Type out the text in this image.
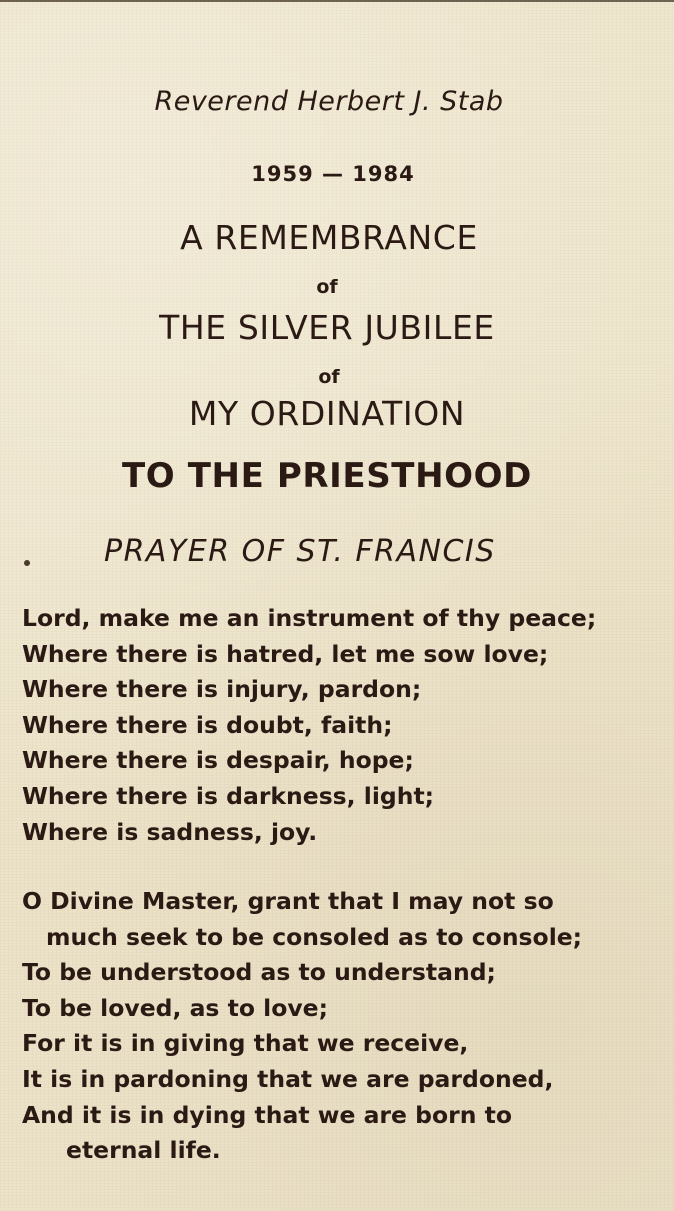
Reverend Herbert J. Stab
1959 — 1984
A REMEMBRANCE
of
THE SILVER JUBILEE
of
MY ORDINATION
TO THE PRIESTHOOD
PRAYER OF ST. FRANCIS
Lord, make me an instrument of thy peace;
Where there is hatred, let me sow love;
Where there is injury, pardon;
Where there is doubt, faith;
Where there is despair, hope;
Where there is darkness, light;
Where is sadness, joy.
O Divine Master, grant that I may not so
much seek to be consoled as to console;
To be understood as to understand;
To be loved, as to love;
For it is in giving that we receive,
It is in pardoning that we are pardoned,
And it is in dying that we are born to
eternal life.
